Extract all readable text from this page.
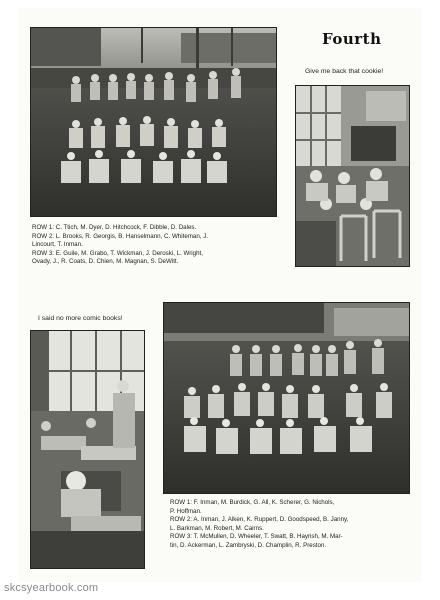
Fourth
Give me back that cookie!
ROW 1: C. Ttich, M. Dyer, D. Hitchcock, F. Dibble, D. Dales.
ROW 2: L. Brooks, R. Georgis, B. Hanselmann, C. Whiteman, J.
Lincourt, T. Inman.
ROW 3: E. Guile, M. Grabo, T. Wickman, J. Deroski, L. Wright,
Ovady, J., R. Coats, D. Chien, M. Magnan, S. DeWitt.
I said no more comic books!
ROW 1: F. Inman, M. Burdick, G. All, K. Scherer, G. Nichols,
P. Hoffman.
ROW 2: A. Inman, J. Alken, K. Ruppert, D. Goodspeed, B. Janny,
L. Barkman, M. Robert, M. Cairns.
ROW 3: T. McMullen, D. Wheeler, T. Swatt, B. Hayrish, M. Mar-
tin, D. Ackerman, L. Zambryski, D. Champlin, R. Preston.
skcsyearbook.com
